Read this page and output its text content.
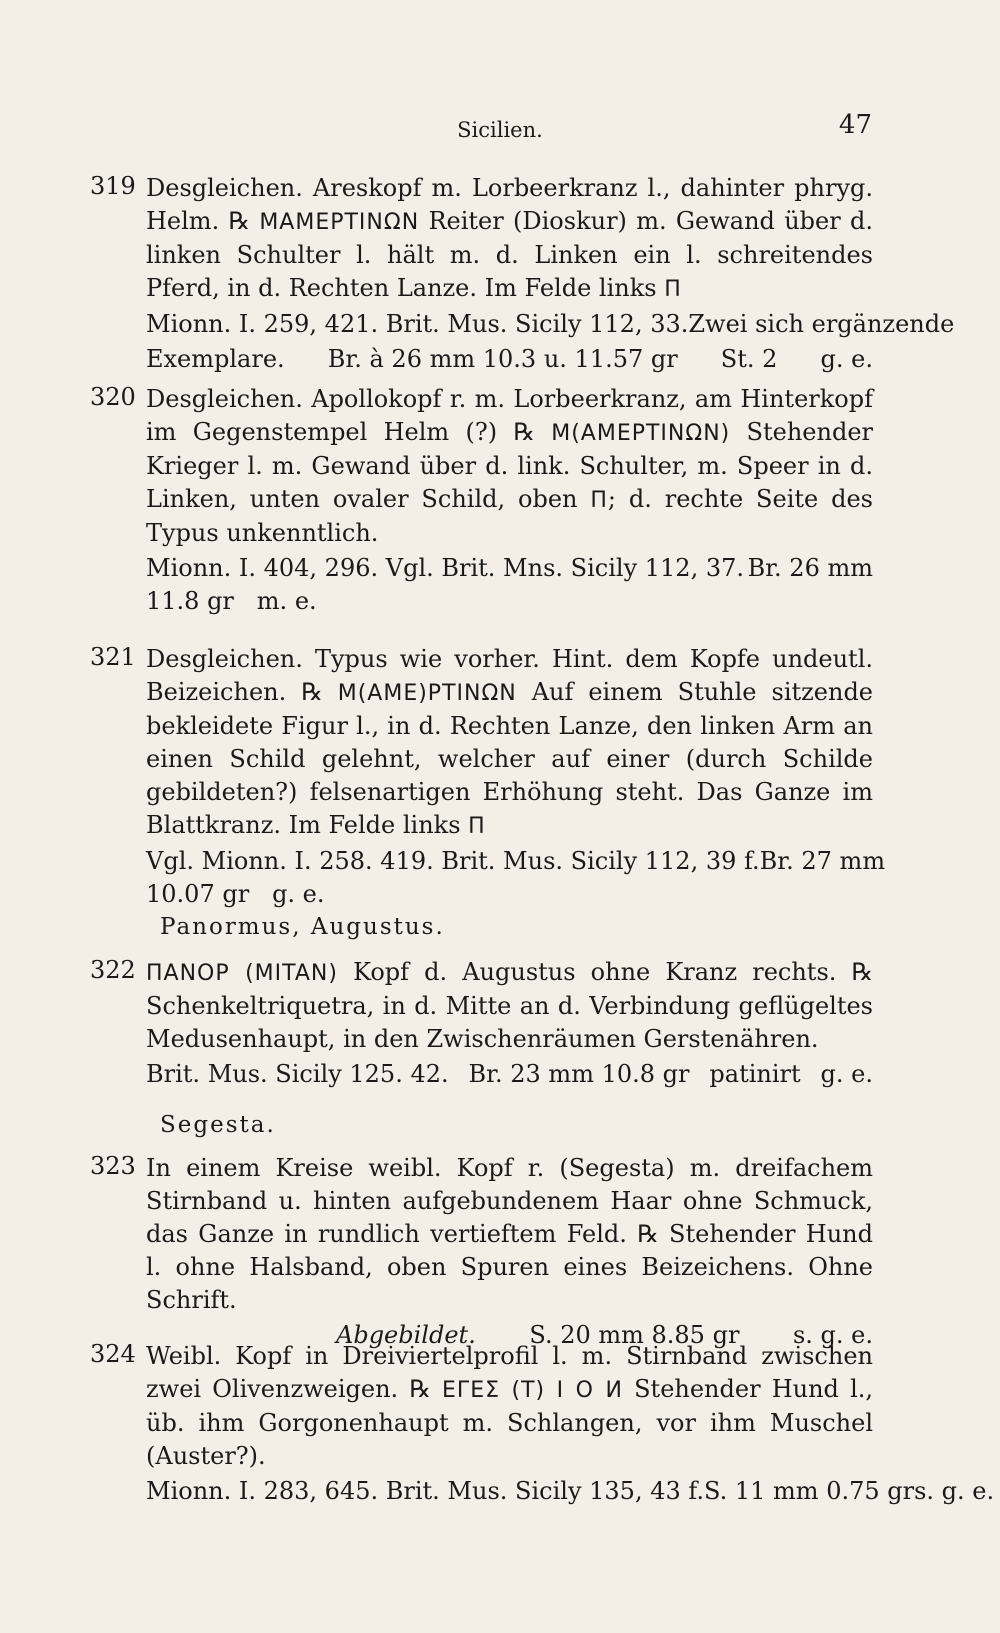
Sicilien.	47
319 Desgleichen. Areskopf m. Lorbeerkranz l., dahinter phryg. Helm. ℞ MAMEPTINΩN Reiter (Dioskur) m. Gewand über d. linken Schulter l. hält m. d. Linken ein l. schreitendes Pferd, in d. Rechten Lanze. Im Felde links Π
Mionn. I. 259, 421. Brit. Mus. Sicily 112, 33. Zwei sich ergänzende
Exemplare. Br. à 26 mm 10.3 u. 11.57 gr St. 2 g. e.
320 Desgleichen. Apollokopf r. m. Lorbeerkranz, am Hinterkopf im Gegenstempel Helm (?) ℞ M(AMEPTINΩN) Stehender Krieger l. m. Gewand über d. link. Schulter, m. Speer in d. Linken, unten ovaler Schild, oben Π; d. rechte Seite des Typus unkenntlich.
Mionn. I. 404, 296. Vgl. Brit. Mns. Sicily 112, 37. Br. 26 mm
11.8 gr m. e.
321 Desgleichen. Typus wie vorher. Hint. dem Kopfe undeutl. Beizeichen. ℞ M(AME)PTINΩN Auf einem Stuhle sitzende bekleidete Figur l., in d. Rechten Lanze, den linken Arm an einen Schild gelehnt, welcher auf einer (durch Schilde gebildeten?) felsenartigen Erhöhung steht. Das Ganze im Blattkranz. Im Felde links Π
Vgl. Mionn. I. 258. 419. Brit. Mus. Sicily 112, 39 f. Br. 27 mm
10.07 gr g. e.
Panormus, Augustus.
322 ΠANOP (MITAN) Kopf d. Augustus ohne Kranz rechts. ℞ Schenkeltriquetra, in d. Mitte an d. Verbindung geflügeltes Medusenhaupt, in den Zwischenräumen Gerstenähren.
Brit. Mus. Sicily 125. 42. Br. 23 mm 10.8 gr patinirt g. e.
Segesta.
323 In einem Kreise weibl. Kopf r. (Segesta) m. dreifachem Stirnband u. hinten aufgebundenem Haar ohne Schmuck, das Ganze in rundlich vertieftem Feld. ℞ Stehender Hund l. ohne Halsband, oben Spuren eines Beizeichens. Ohne Schrift.
Abgebildet. S. 20 mm 8.85 gr s. g. e.
324 Weibl. Kopf in Dreiviertelprofil l. m. Stirnband zwischen zwei Olivenzweigen. ℞ EΓEΣ (T) I O И Stehender Hund l., üb. ihm Gorgonenhaupt m. Schlangen, vor ihm Muschel (Auster?).
Mionn. I. 283, 645. Brit. Mus. Sicily 135, 43 f. S. 11 mm 0.75 gr s. g. e.
